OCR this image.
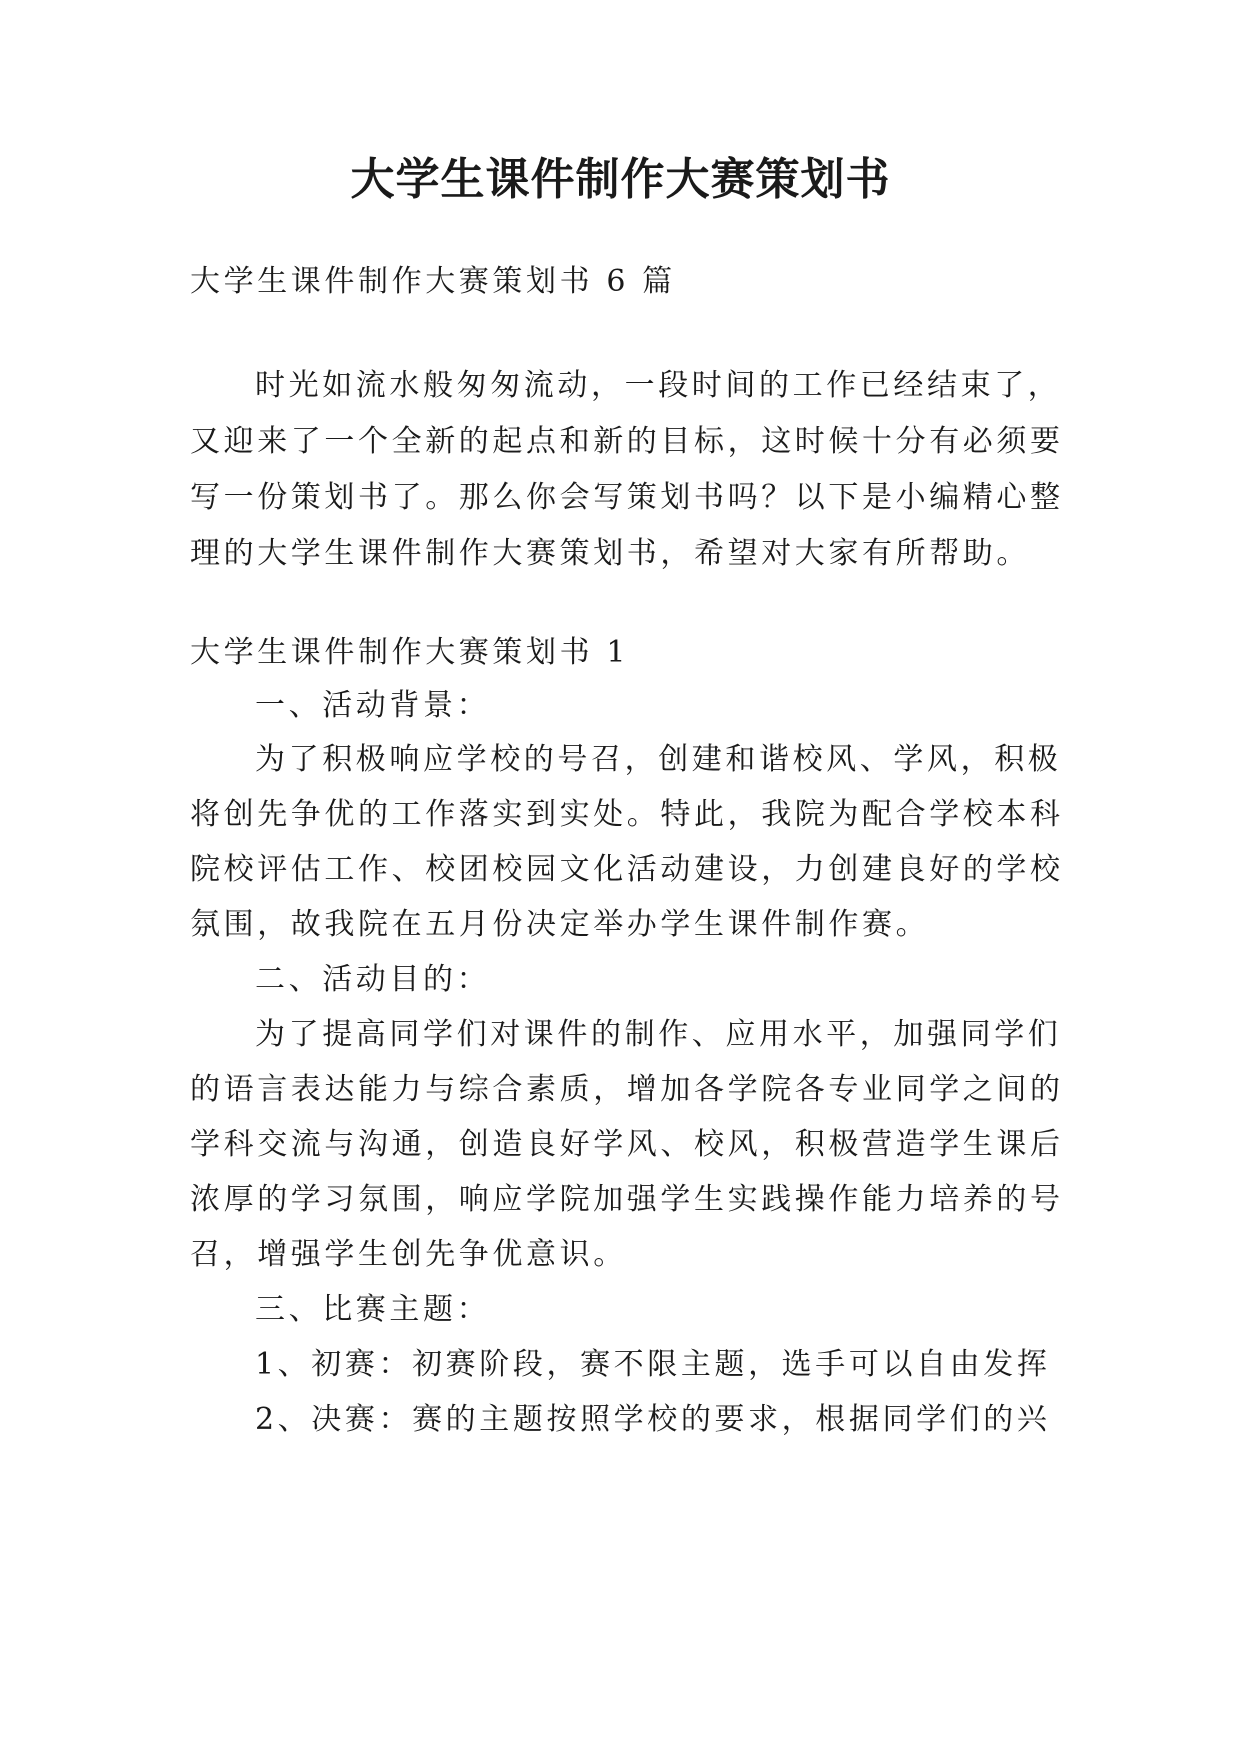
大学生课件制作大赛策划书

大学生课件制作大赛策划书 6 篇

时光如流水般匆匆流动，一段时间的工作已经结束了，

又迎来了一个全新的起点和新的目标，这时候十分有必须要

写一份策划书了。那么你会写策划书吗？以下是小编精心整

理的大学生课件制作大赛策划书，希望对大家有所帮助。

大学生课件制作大赛策划书 1

一、活动背景：

为了积极响应学校的号召，创建和谐校风、学风，积极

将创先争优的工作落实到实处。特此，我院为配合学校本科

院校评估工作、校团校园文化活动建设，力创建良好的学校

氛围，故我院在五月份决定举办学生课件制作赛。

二、活动目的：

为了提高同学们对课件的制作、应用水平，加强同学们

的语言表达能力与综合素质，增加各学院各专业同学之间的

学科交流与沟通，创造良好学风、校风，积极营造学生课后

浓厚的学习氛围，响应学院加强学生实践操作能力培养的号

召，增强学生创先争优意识。

三、比赛主题：

1、初赛：初赛阶段，赛不限主题，选手可以自由发挥

2、决赛：赛的主题按照学校的要求，根据同学们的兴
